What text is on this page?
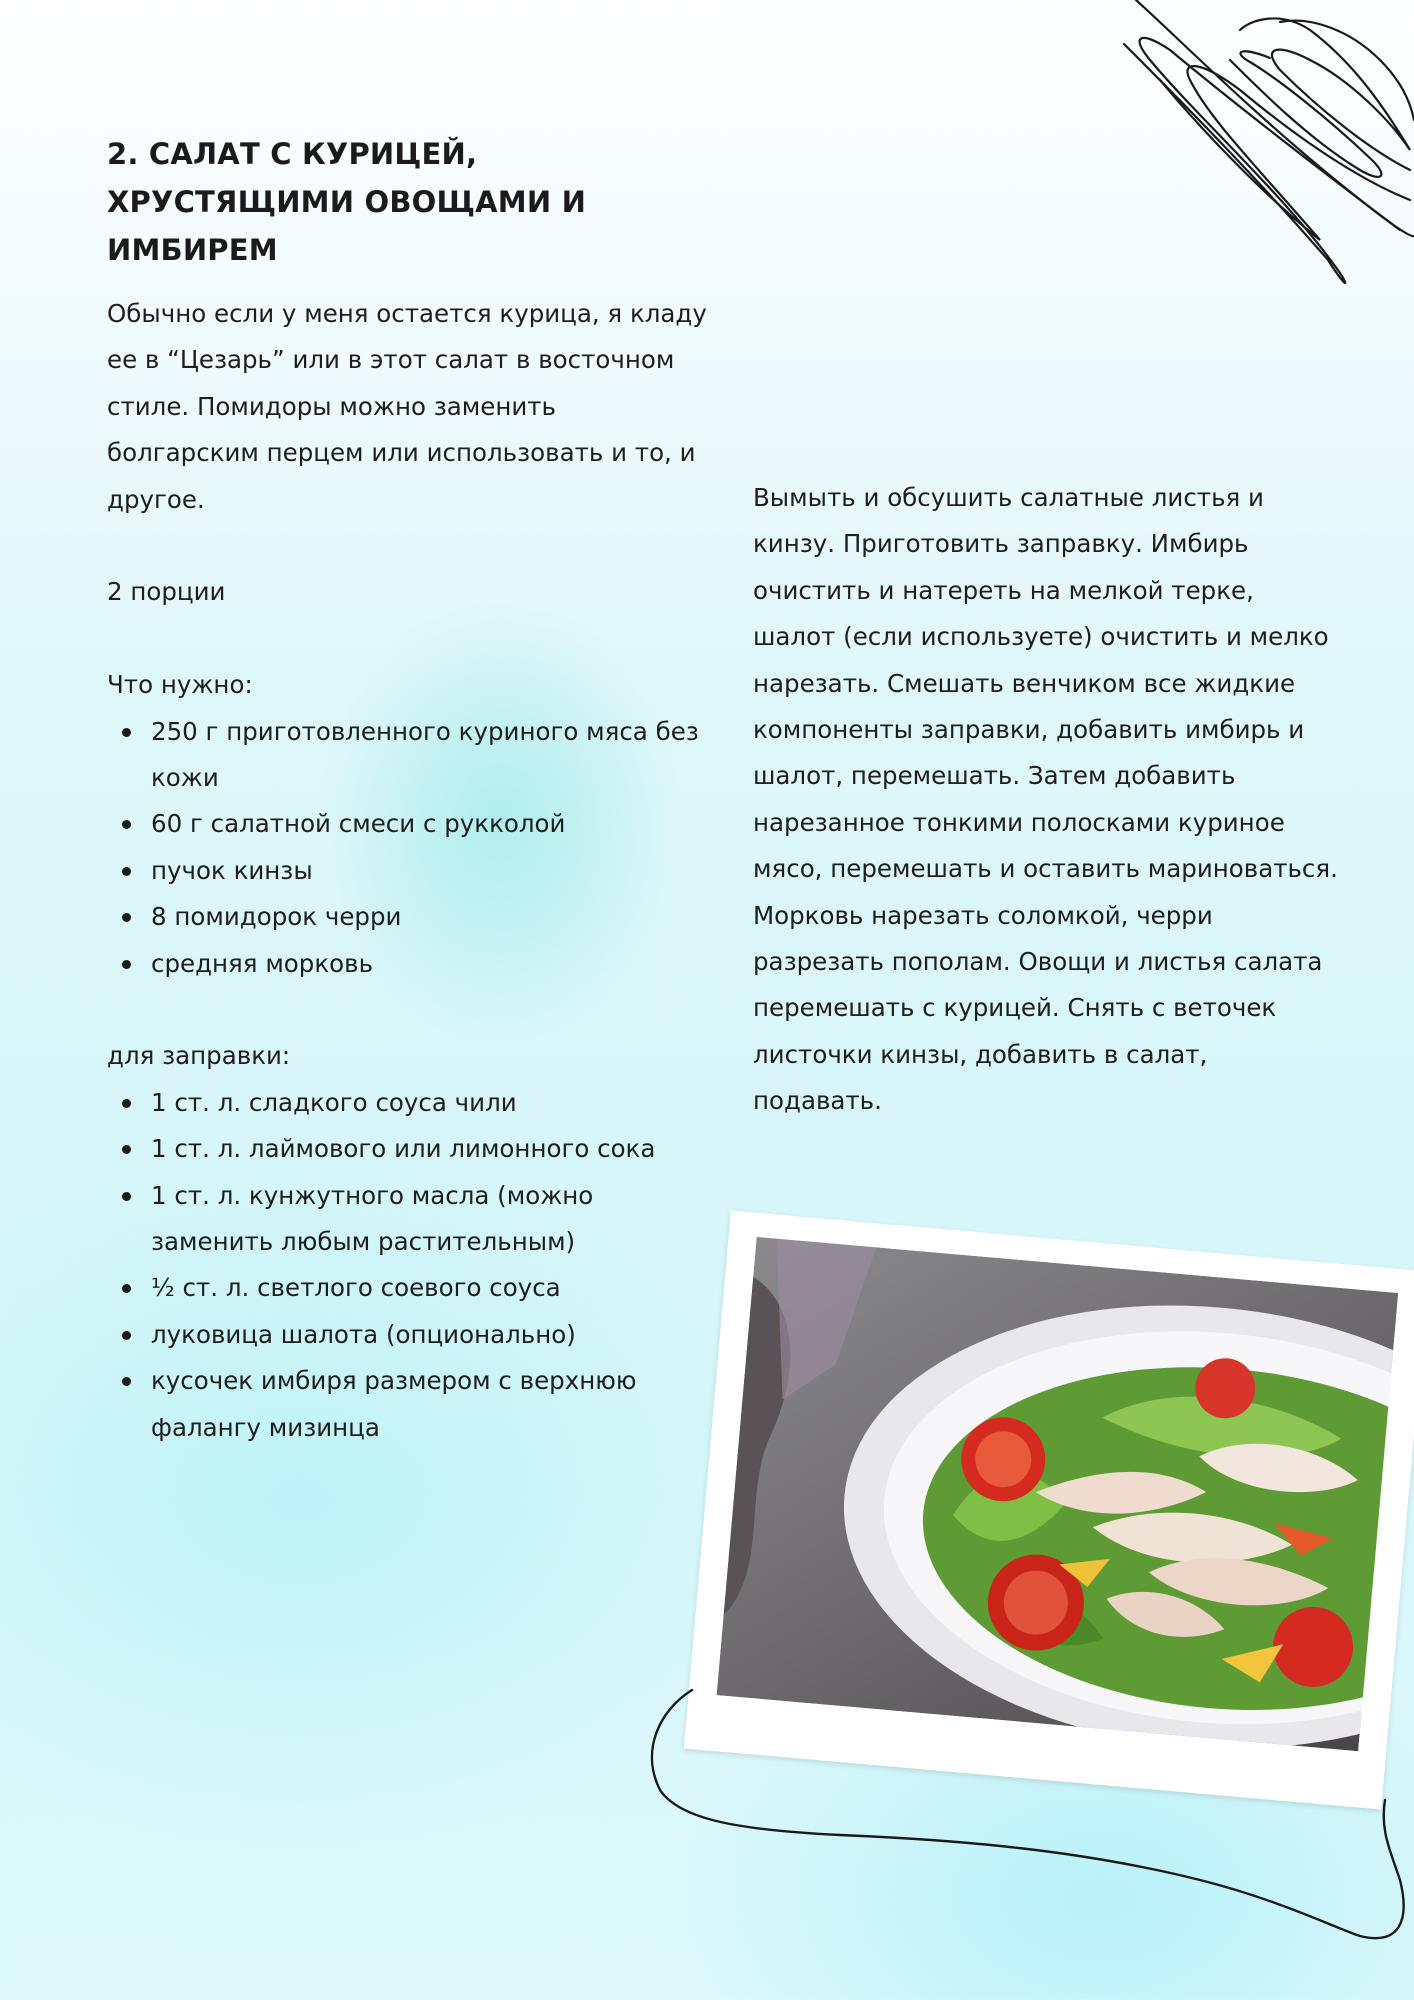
2. САЛАТ С КУРИЦЕЙ, ХРУСТЯЩИМИ ОВОЩАМИ И ИМБИРЕМ

Обычно если у меня остается курица, я кладу ее в “Цезарь” или в этот салат в восточном стиле. Помидоры можно заменить болгарским перцем или использовать и то, и другое.

2 порции

Что нужно:

250 г приготовленного куриного мяса без кожи
60 г салатной смеси с рукколой
пучок кинзы
8 помидорок черри
средняя морковь

для заправки:

1 ст. л. сладкого соуса чили
1 ст. л. лаймового или лимонного сока
1 ст. л. кунжутного масла (можно заменить любым растительным)
½ ст. л. светлого соевого соуса
луковица шалота (опционально)
кусочек имбиря размером с верхнюю фалангу мизинца

Вымыть и обсушить салатные листья и кинзу. Приготовить заправку. Имбирь очистить и натереть на мелкой терке, шалот (если используете) очистить и мелко нарезать. Смешать венчиком все жидкие компоненты заправки, добавить имбирь и шалот, перемешать. Затем добавить нарезанное тонкими полосками куриное мясо, перемешать и оставить мариноваться. Морковь нарезать соломкой, черри разрезать пополам. Овощи и листья салата перемешать с курицей. Снять с веточек листочки кинзы, добавить в салат, подавать.
